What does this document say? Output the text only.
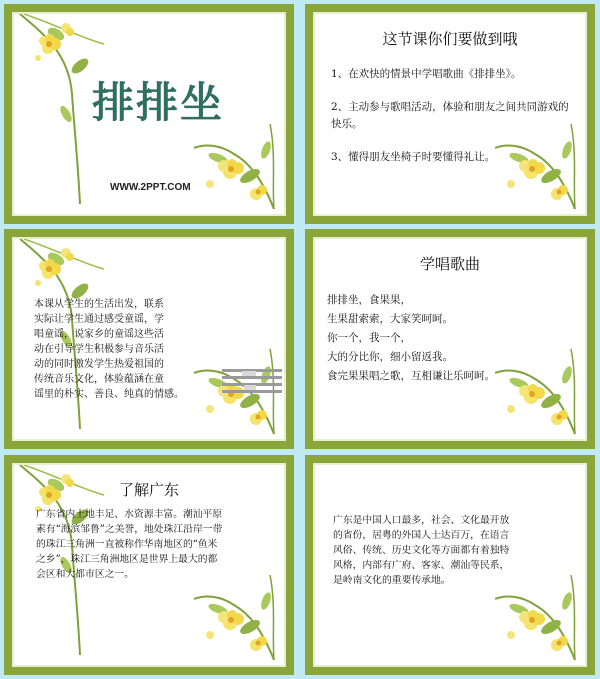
排排坐
WWW.2PPT.COM
这节课你们要做到哦
1、在欢快的情景中学唱歌曲《排排坐》。
2、主动参与歌唱活动，体验和朋友之间共同游戏的快乐。
3、懂得朋友坐椅子时要懂得礼让。
本课从学生的生活出发，联系
实际让学生通过感受童谣，学
唱童谣，说家乡的童谣这些活
动在引导学生积极参与音乐活
动的同时激发学生热爱祖国的
传统音乐文化，体验蕴涵在童
谣里的朴实、善良、纯真的情感。
学唱歌曲
排排坐，食果果，
生果甜索索，大家笑呵呵。
你一个，我一个，
大的分比你，细小留返我。
食完果果唱之歌，互相谦让乐呵呵。
了解广东
广东省内土地丰足、水资源丰富。潮汕平原
素有“海滨邹鲁”之美誉，地处珠江沿岸一带
的珠江三角洲一直被称作华南地区的“鱼米
之乡”，珠江三角洲地区是世界上最大的都
会区和大都市区之一。
广东是中国人口最多，社会、文化最开放
的省份，居粤的外国人士达百万，在语言
风俗、传统、历史文化等方面都有着独特
风格，内部有广府、客家、潮汕等民系，
是岭南文化的重要传承地。
